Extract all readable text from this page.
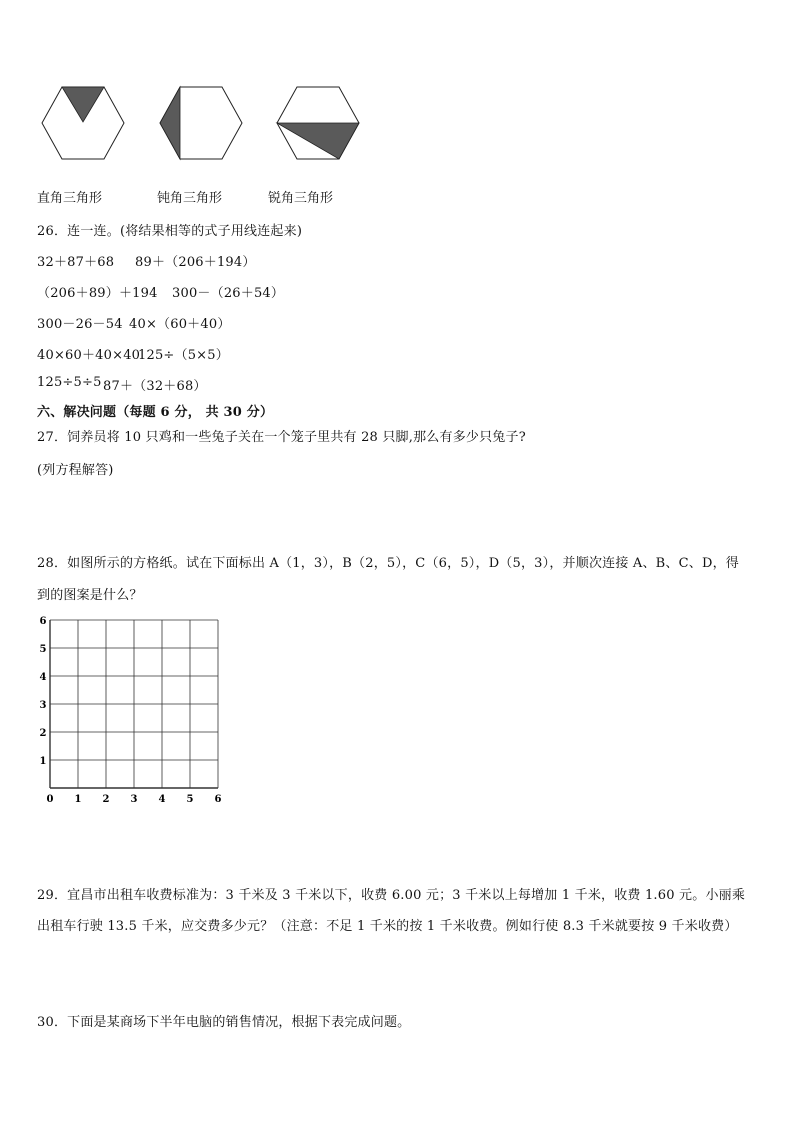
直角三角形	钝角三角形	锐角三角形
26．连一连。(将结果相等的式子用线连起来)
32＋87＋68 89＋（206＋194）
（206＋89）＋194 300－（26＋54）
300－26－54 40×（60＋40）
40×60＋40×40
125÷（5×5）
125÷5÷5 87＋（32＋68）
六、解决问题（每题 6 分， 共 30 分）
27．饲养员将 10 只鸡和一些兔子关在一个笼子里共有 28 只脚,那么有多少只兔子?
(列方程解答)
28．如图所示的方格纸。试在下面标出 A（1，3），B（2，5），C（6，5），D（5，3），并顺次连接 A、B、C、D，得
到的图案是什么？
0 1 2 3 4 5 6
1
2
3
4
5
6
29．宜昌市出租车收费标准为：3 千米及 3 千米以下，收费 6.00 元；3 千米以上每增加 1 千米，收费 1.60 元。小丽乘
出租车行驶 13.5 千米，应交费多少元？（注意：不足 1 千米的按 1 千米收费。例如行使 8.3 千米就要按 9 千米收费）
30．下面是某商场下半年电脑的销售情况，根据下表完成问题。
